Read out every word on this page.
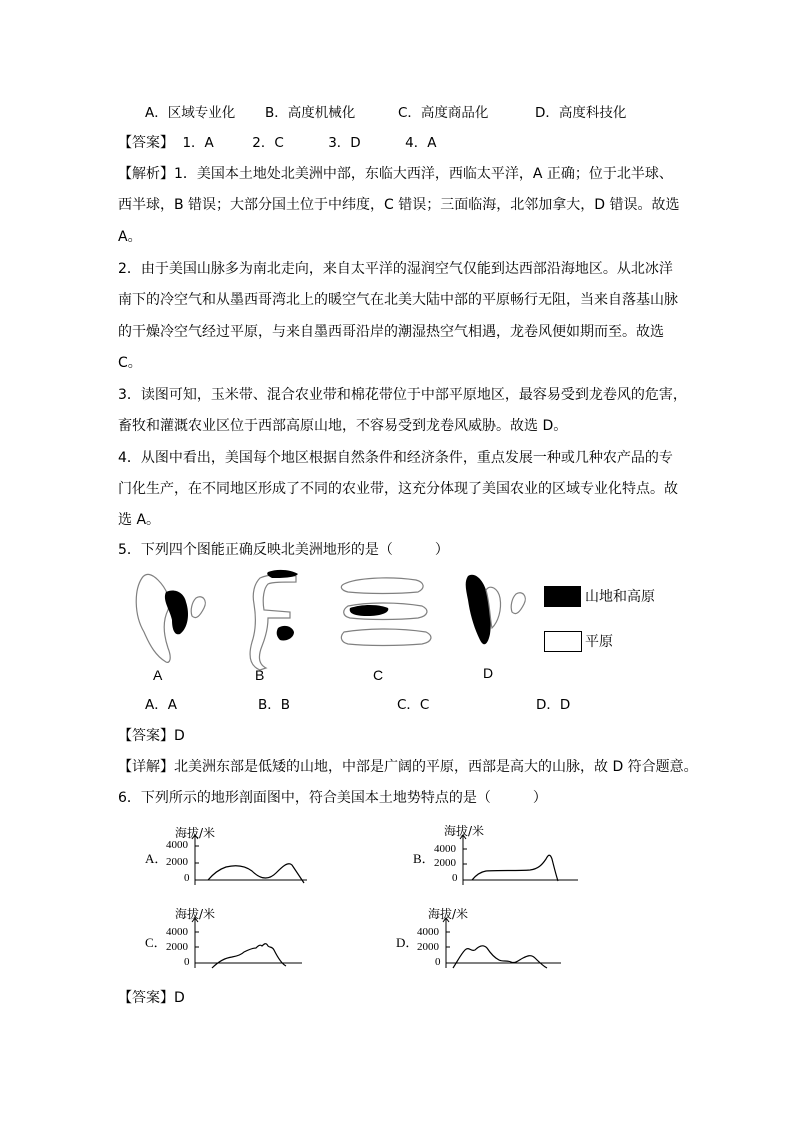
A．区域专业化 B．高度机械化	C．高度商品化	D．高度科技化
【答案】 1．A	2．C	3．D	4．A
【解析】1．美国本土地处北美洲中部，东临大西洋，西临太平洋，A 正确；位于北半球、
西半球，B 错误；大部分国土位于中纬度，C 错误；三面临海，北邻加拿大，D 错误。故选
A。
2．由于美国山脉多为南北走向，来自太平洋的湿润空气仅能到达西部沿海地区。从北冰洋
南下的冷空气和从墨西哥湾北上的暖空气在北美大陆中部的平原畅行无阻，当来自落基山脉
的干燥冷空气经过平原，与来自墨西哥沿岸的潮湿热空气相遇，龙卷风便如期而至。故选
C。
3．读图可知，玉米带、混合农业带和棉花带位于中部平原地区，最容易受到龙卷风的危害，
畜牧和灌溉农业区位于西部高原山地，不容易受到龙卷风威胁。故选 D。
4．从图中看出，美国每个地区根据自然条件和经济条件，重点发展一种或几种农产品的专
门化生产，在不同地区形成了不同的农业带，这充分体现了美国农业的区域专业化特点。故
选 A。
5．下列四个图能正确反映北美洲地形的是（　　　）
A	B	C	D
山地和高原
平原
A．A	B．B	C．C	D．D
【答案】D
【详解】北美洲东部是低矮的山地，中部是广阔的平原，西部是高大的山脉，故 D 符合题意。
6．下列所示的地形剖面图中，符合美国本土地势特点的是（　　　）
海拔/米
A．
4000
2000
0
海拔/米
B．
4000
2000
0
海拔/米
C．
4000
2000
0
海拔/米
D．
4000
2000
0
【答案】D
